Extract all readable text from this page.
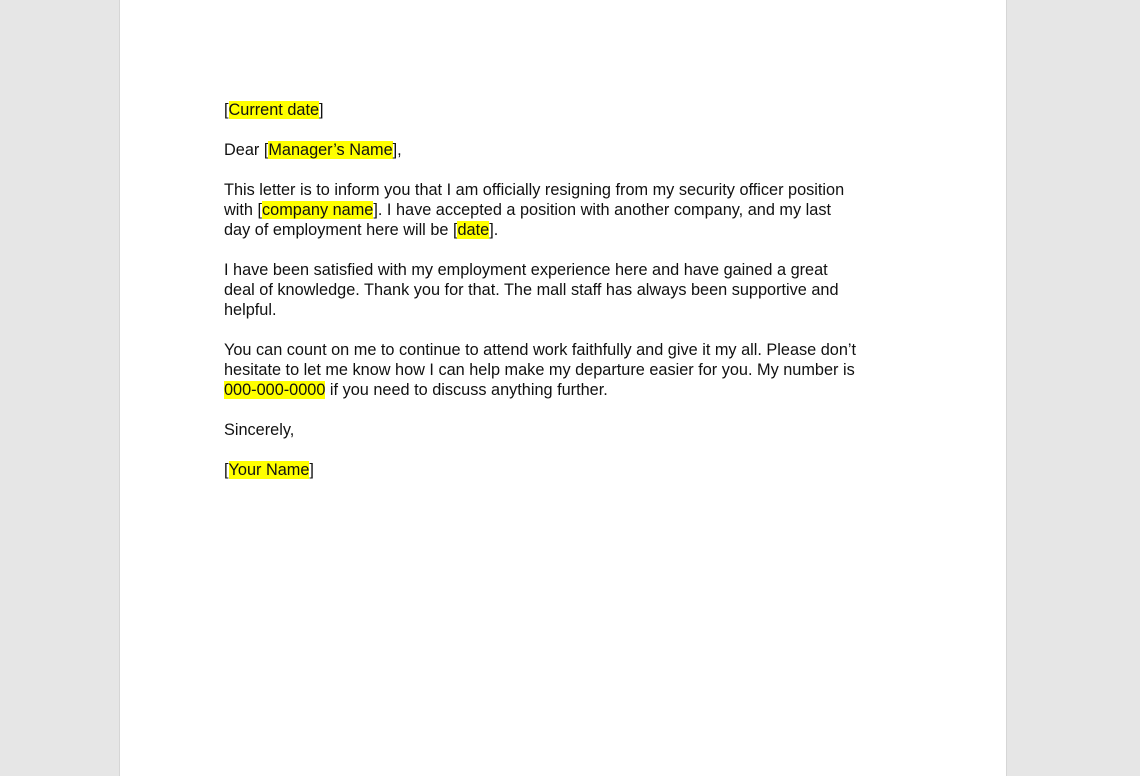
[Current date]

Dear [Manager’s Name],

This letter is to inform you that I am officially resigning from my security officer position
with [company name]. I have accepted a position with another company, and my last
day of employment here will be [date].

I have been satisfied with my employment experience here and have gained a great
deal of knowledge. Thank you for that. The mall staff has always been supportive and
helpful.

You can count on me to continue to attend work faithfully and give it my all. Please don’t
hesitate to let me know how I can help make my departure easier for you. My number is
000-000-0000 if you need to discuss anything further.

Sincerely,

[Your Name]
